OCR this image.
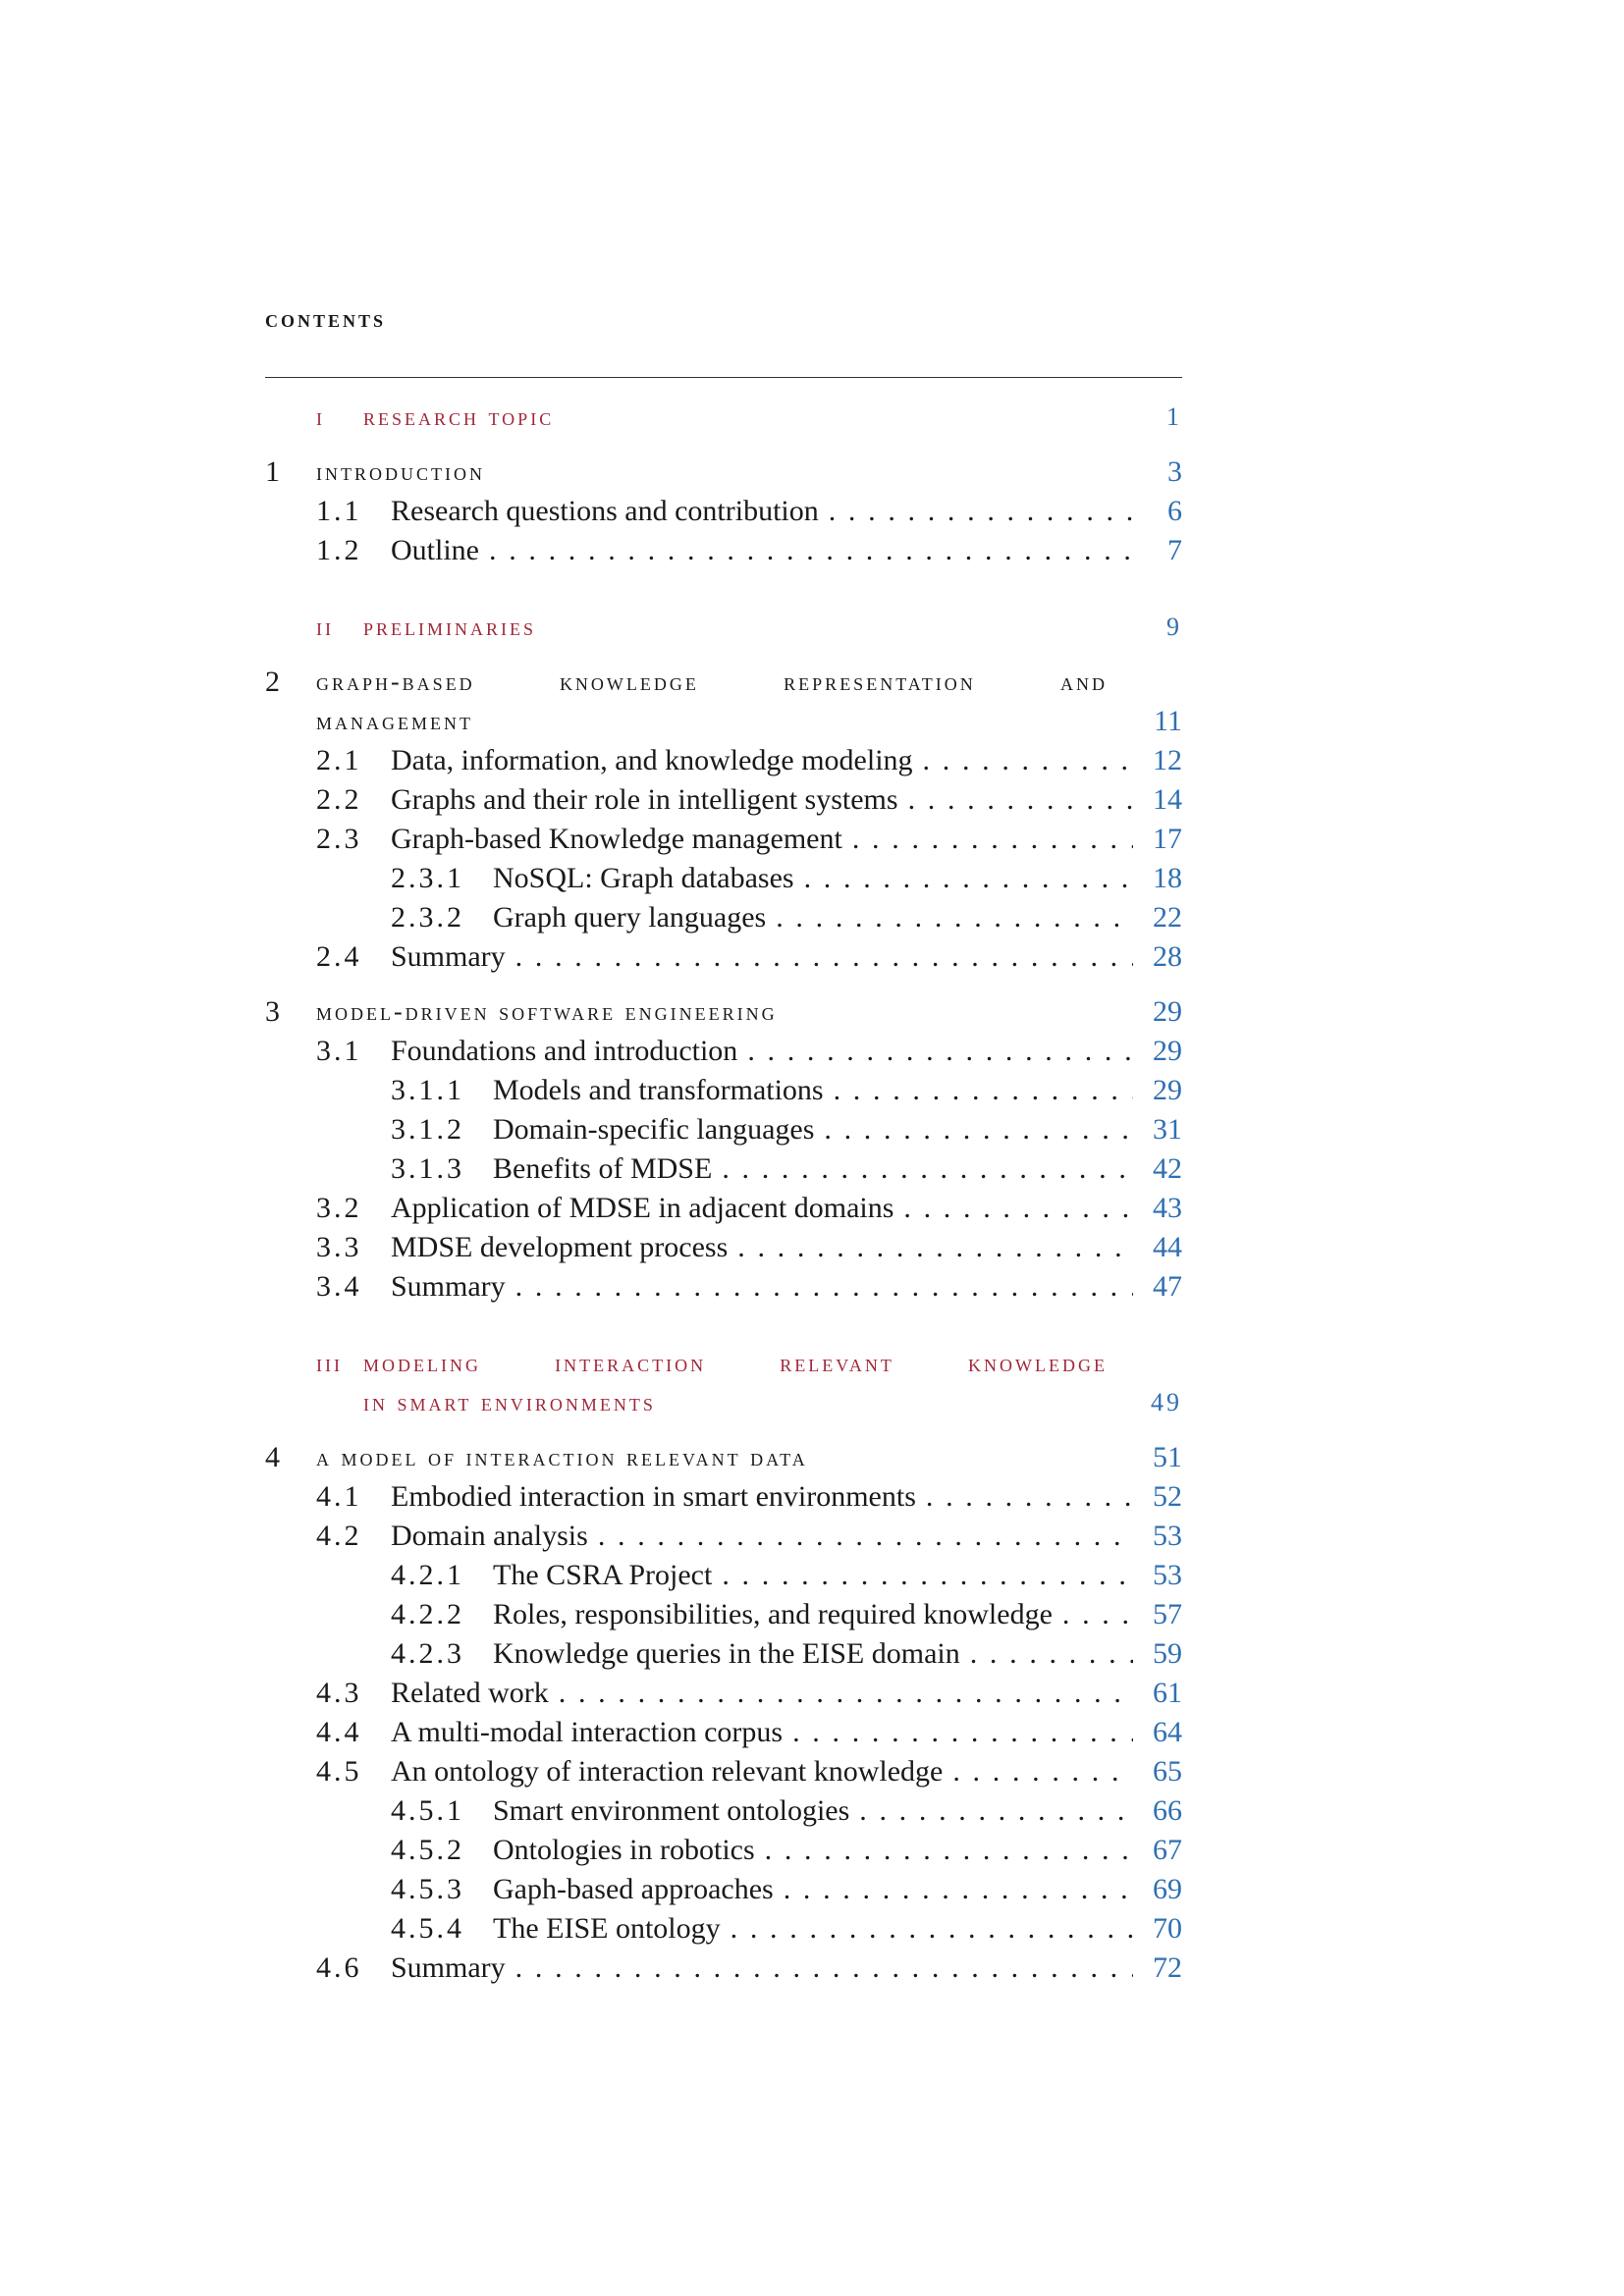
contents
i research topic	1
1 introduction	3
1.1 Research questions and contribution . . .	6
1.2 Outline . . .	7
ii preliminaries	9
2 graph-based	knowledge	representation	and
management	11
2.1 Data, information, and knowledge modeling . . .	12
2.2 Graphs and their role in intelligent systems . . .	14
2.3 Graph-based Knowledge management . . .	17
2.3.1 NoSQL: Graph databases . . .	18
2.3.2 Graph query languages . . .	22
2.4 Summary . . .	28
3 model-driven software engineering	29
3.1 Foundations and introduction . . .	29
3.1.1 Models and transformations . . .	29
3.1.2 Domain-specific languages . . .	31
3.1.3 Benefits of MDSE . . .	42
3.2 Application of MDSE in adjacent domains . . .	43
3.3 MDSE development process . . .	44
3.4 Summary . . .	47
iii modeling	interaction	relevant	knowledge
in smart environments	49
4 a model of interaction relevant data	51
4.1 Embodied interaction in smart environments . . .	52
4.2 Domain analysis . . .	53
4.2.1 The CSRA Project . . .	53
4.2.2 Roles, responsibilities, and required knowledge . . .	57
4.2.3 Knowledge queries in the EISE domain . . .	59
4.3 Related work . . .	61
4.4 A multi-modal interaction corpus . . .	64
4.5 An ontology of interaction relevant knowledge . . .	65
4.5.1 Smart environment ontologies . . .	66
4.5.2 Ontologies in robotics . . .	67
4.5.3 Gaph-based approaches . . .	69
4.5.4 The EISE ontology . . .	70
4.6 Summary . . .	72
